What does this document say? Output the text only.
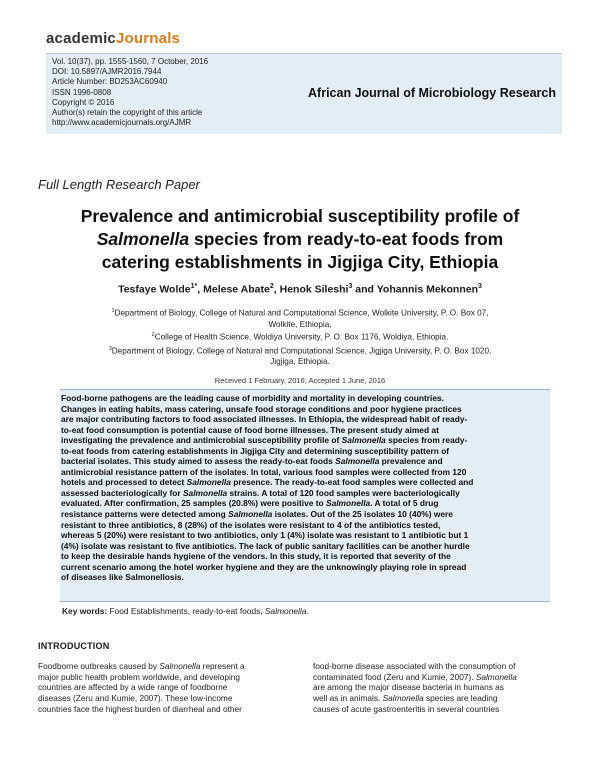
academicJournals
Vol. 10(37), pp. 1555-1560, 7 October, 2016
DOI: 10.5897/AJMR2016.7944
Article Number: BD253AC60940
ISSN 1996-0808
Copyright © 2016
Author(s) retain the copyright of this article
http://www.academicjournals.org/AJMR
African Journal of Microbiology Research
Full Length Research Paper
Prevalence and antimicrobial susceptibility profile of
Salmonella species from ready-to-eat foods from
catering establishments in Jigjiga City, Ethiopia
Tesfaye Wolde$^{1*}$, Melese Abate$^2$, Henok Sileshi$^3$ and Yohannis Mekonnen$^3$
$^1$Department of Biology, College of Natural and Computational Science, Wolkite University, P. O. Box 07,
Wolkite, Ethiopia.
$^2$College of Health Science, Woldiya University, P. O. Box 1176, Woldiya, Ethiopia.
$^3$Department of Biology, College of Natural and Computational Science, Jigjiga University, P. O. Box 1020,
Jigjiga, Ethiopia.
Received 1 February, 2016; Accepted 1 June, 2016
Food-borne pathogens are the leading cause of morbidity and mortality in developing countries.
Changes in eating habits, mass catering, unsafe food storage conditions and poor hygiene practices
are major contributing factors to food associated illnesses. In Ethiopia, the widespread habit of ready-
to-eat food consumption is potential cause of food borne illnesses. The present study aimed at
investigating the prevalence and antimicrobial susceptibility profile of Salmonella species from ready-
to-eat foods from catering establishments in Jigjiga City and determining susceptibility pattern of
bacterial isolates. This study aimed to assess the ready-to-eat foods Salmonella prevalence and
antimicrobial resistance pattern of the isolates. In total, various food samples were collected from 120
hotels and processed to detect Salmonella presence. The ready-to-eat food samples were collected and
assessed bacteriologically for Salmonella strains. A total of 120 food samples were bacteriologically
evaluated. After confirmation, 25 samples (20.8%) were positive to Salmonella. A total of 5 drug
resistance patterns were detected among Salmonella isolates. Out of the 25 isolates 10 (40%) were
resistant to three antibiotics, 8 (28%) of the isolates were resistant to 4 of the antibiotics tested,
whereas 5 (20%) were resistant to two antibiotics, only 1 (4%) isolate was resistant to 1 antibiotic but 1
(4%) isolate was resistant to five antibiotics. The lack of public sanitary facilities can be another hurdle
to keep the desirable hands hygiene of the vendors. In this study, it is reported that severity of the
current scenario among the hotel worker hygiene and they are the unknowingly playing role in spread
of diseases like Salmonellosis.
Key words: Food Establishments, ready-to-eat foods, Salmonella.
INTRODUCTION
Foodborne outbreaks caused by Salmonella represent a
major public health problem worldwide, and developing
countries are affected by a wide range of foodborne
diseases (Zeru and Kumie, 2007). These low-income
countries face the highest burden of diarrheal and other
food-borne disease associated with the consumption of
contaminated food (Zeru and Kumie, 2007). Salmonella
are among the major disease bacteria in humans as
well as in animals. Salmonella species are leading
causes of acute gastroenteritis in several countries
